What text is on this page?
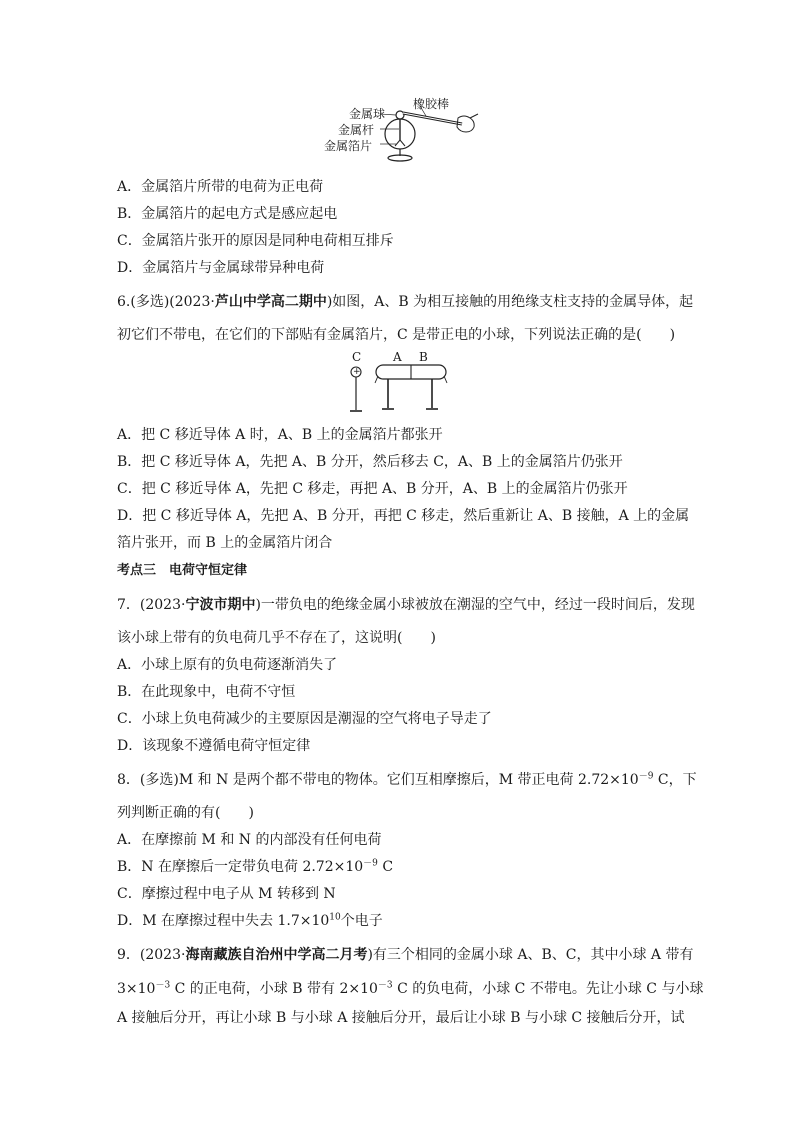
橡胶棒
金属球
金属杆
金属箔片
A．金属箔片所带的电荷为正电荷
B．金属箔片的起电方式是感应起电
C．金属箔片张开的原因是同种电荷相互排斥
D．金属箔片与金属球带异种电荷
6.(多选)(2023·芦山中学高二期中)如图，A、B 为相互接触的用绝缘支柱支持的金属导体，起
初它们不带电，在它们的下部贴有金属箔片，C 是带正电的小球，下列说法正确的是(　　)
C
+
A B
A．把 C 移近导体 A 时，A、B 上的金属箔片都张开
B．把 C 移近导体 A，先把 A、B 分开，然后移去 C，A、B 上的金属箔片仍张开
C．把 C 移近导体 A，先把 C 移走，再把 A、B 分开，A、B 上的金属箔片仍张开
D．把 C 移近导体 A，先把 A、B 分开，再把 C 移走，然后重新让 A、B 接触，A 上的金属
箔片张开，而 B 上的金属箔片闭合
考点三　电荷守恒定律
7．(2023·宁波市期中)一带负电的绝缘金属小球被放在潮湿的空气中，经过一段时间后，发现
该小球上带有的负电荷几乎不存在了，这说明(　　)
A．小球上原有的负电荷逐渐消失了
B．在此现象中，电荷不守恒
C．小球上负电荷减少的主要原因是潮湿的空气将电子导走了
D．该现象不遵循电荷守恒定律
8．(多选)M 和 N 是两个都不带电的物体。它们互相摩擦后，M 带正电荷 $2.72\times 10^{-9}$ C，下
列判断正确的有(　　)
A．在摩擦前 M 和 N 的内部没有任何电荷
B．N 在摩擦后一定带负电荷 $2.72\times 10^{-9}$ C
C．摩擦过程中电子从 M 转移到 N
D．M 在摩擦过程中失去 $1.7\times 10^{10}$个电子
9．(2023·海南藏族自治州中学高二月考)有三个相同的金属小球 A、B、C，其中小球 A 带有
$3\times 10^{-3}$ C 的正电荷，小球 B 带有 $2\times 10^{-3}$ C 的负电荷，小球 C 不带电。先让小球 C 与小球
A 接触后分开，再让小球 B 与小球 A 接触后分开，最后让小球 B 与小球 C 接触后分开，试
